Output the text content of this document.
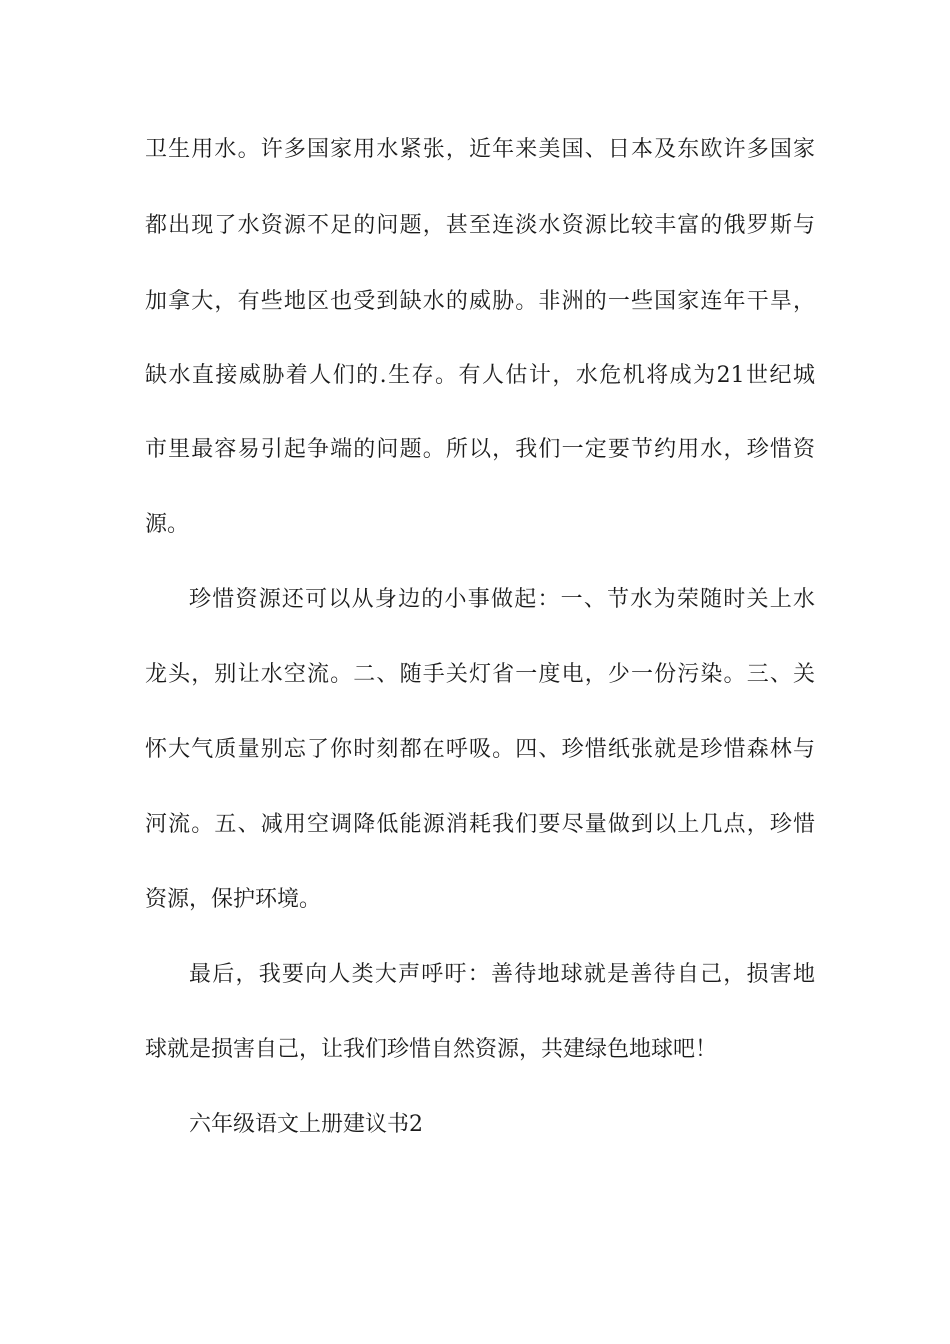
卫生用水。许多国家用水紧张，近年来美国、日本及东欧许多国家
都出现了水资源不足的问题，甚至连淡水资源比较丰富的俄罗斯与
加拿大，有些地区也受到缺水的威胁。非洲的一些国家连年干旱，
缺水直接威胁着人们的.生存。有人估计，水危机将成为21世纪城
市里最容易引起争端的问题。所以，我们一定要节约用水，珍惜资
源。
珍惜资源还可以从身边的小事做起：一、节水为荣随时关上水
龙头，别让水空流。二、随手关灯省一度电，少一份污染。三、关
怀大气质量别忘了你时刻都在呼吸。四、珍惜纸张就是珍惜森林与
河流。五、减用空调降低能源消耗我们要尽量做到以上几点，珍惜
资源，保护环境。
最后，我要向人类大声呼吁：善待地球就是善待自己，损害地
球就是损害自己，让我们珍惜自然资源，共建绿色地球吧！
六年级语文上册建议书2
